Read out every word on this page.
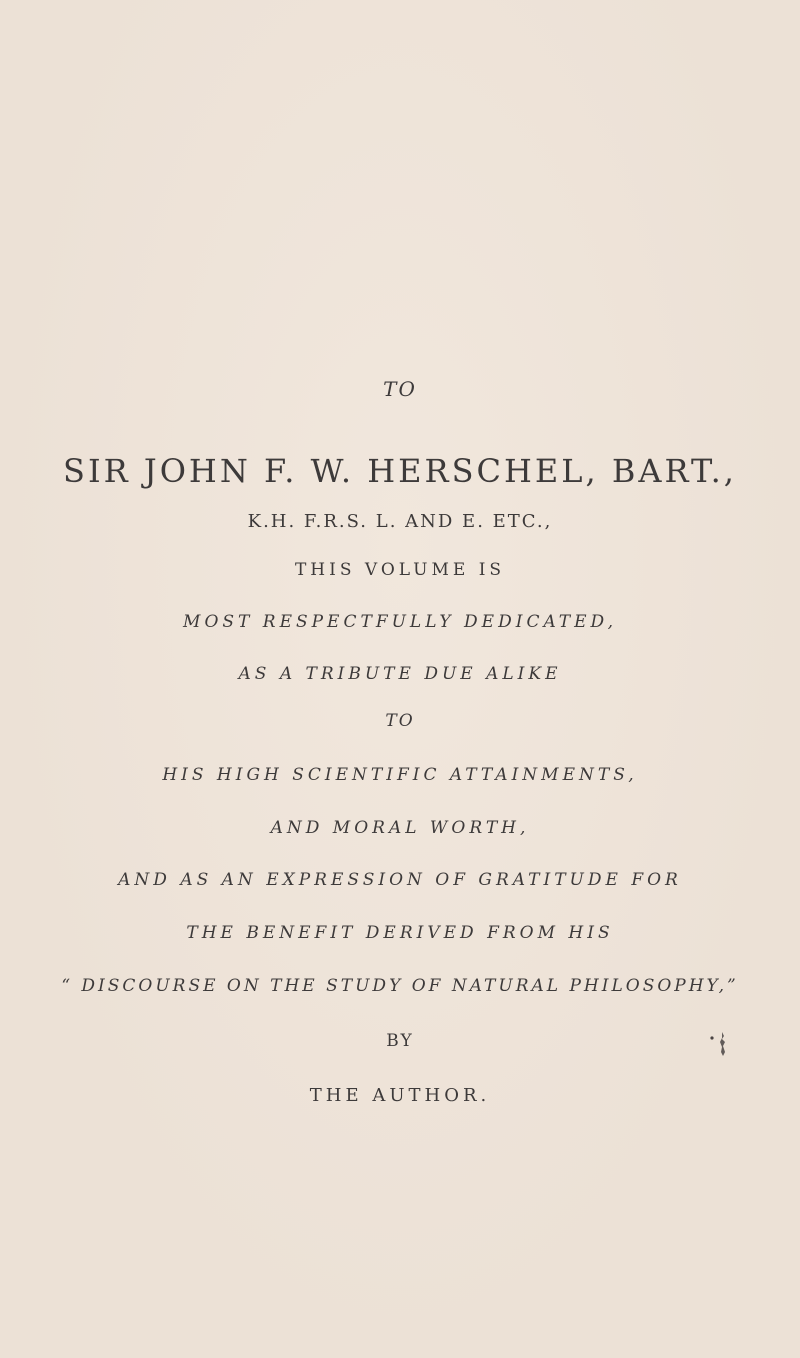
TO
SIR JOHN F. W. HERSCHEL, BART.,
K.H. F.R.S. L. AND E. ETC.,
THIS VOLUME IS
MOST RESPECTFULLY DEDICATED,
AS A TRIBUTE DUE ALIKE
TO
HIS HIGH SCIENTIFIC ATTAINMENTS,
AND MORAL WORTH,
AND AS AN EXPRESSION OF GRATITUDE FOR
THE BENEFIT DERIVED FROM HIS
“ DISCOURSE ON THE STUDY OF NATURAL PHILOSOPHY,”
BY
THE AUTHOR.
